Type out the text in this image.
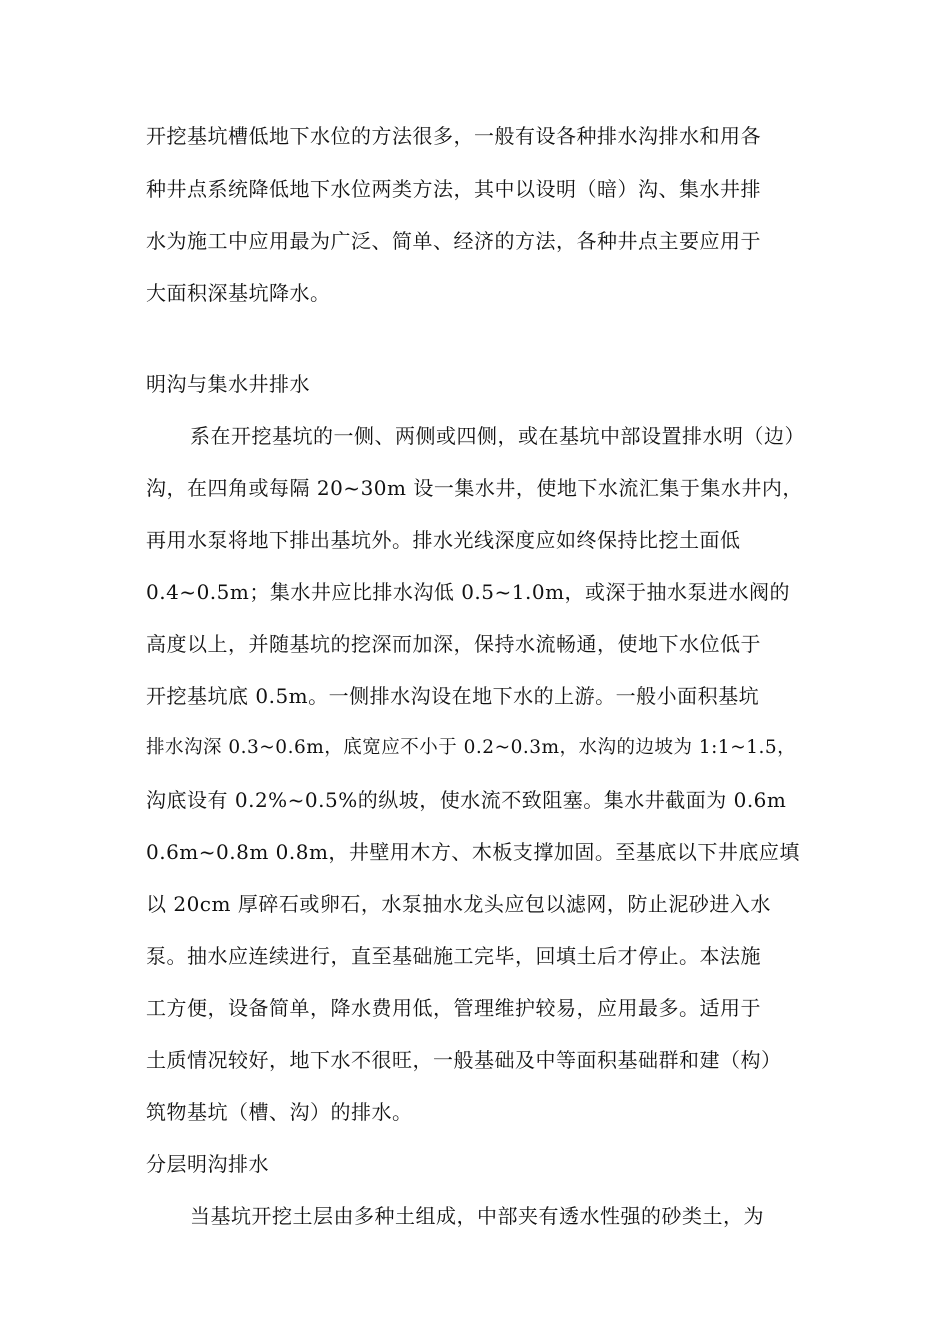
开挖基坑槽低地下水位的方法很多，一般有设各种排水沟排水和用各
种井点系统降低地下水位两类方法，其中以设明（暗）沟、集水井排
水为施工中应用最为广泛、简单、经济的方法，各种井点主要应用于
大面积深基坑降水。
明沟与集水井排水
系在开挖基坑的一侧、两侧或四侧，或在基坑中部设置排水明（边）
沟，在四角或每隔 20~30m 设一集水井，使地下水流汇集于集水井内，
再用水泵将地下排出基坑外。排水光线深度应如终保持比挖土面低
0.4~0.5m；集水井应比排水沟低 0.5~1.0m，或深于抽水泵进水阀的
高度以上，并随基坑的挖深而加深，保持水流畅通，使地下水位低于
开挖基坑底 0.5m。一侧排水沟设在地下水的上游。一般小面积基坑
排水沟深 0.3~0.6m，底宽应不小于 0.2~0.3m，水沟的边坡为 1:1~1.5，
沟底设有 0.2%~0.5%的纵坡，使水流不致阻塞。集水井截面为 0.6m
0.6m~0.8m 0.8m，井壁用木方、木板支撑加固。至基底以下井底应填
以 20cm 厚碎石或卵石，水泵抽水龙头应包以滤网，防止泥砂进入水
泵。抽水应连续进行，直至基础施工完毕，回填土后才停止。本法施
工方便，设备简单，降水费用低，管理维护较易，应用最多。适用于
土质情况较好，地下水不很旺，一般基础及中等面积基础群和建（构）
筑物基坑（槽、沟）的排水。
分层明沟排水
当基坑开挖土层由多种土组成，中部夹有透水性强的砂类土，为
